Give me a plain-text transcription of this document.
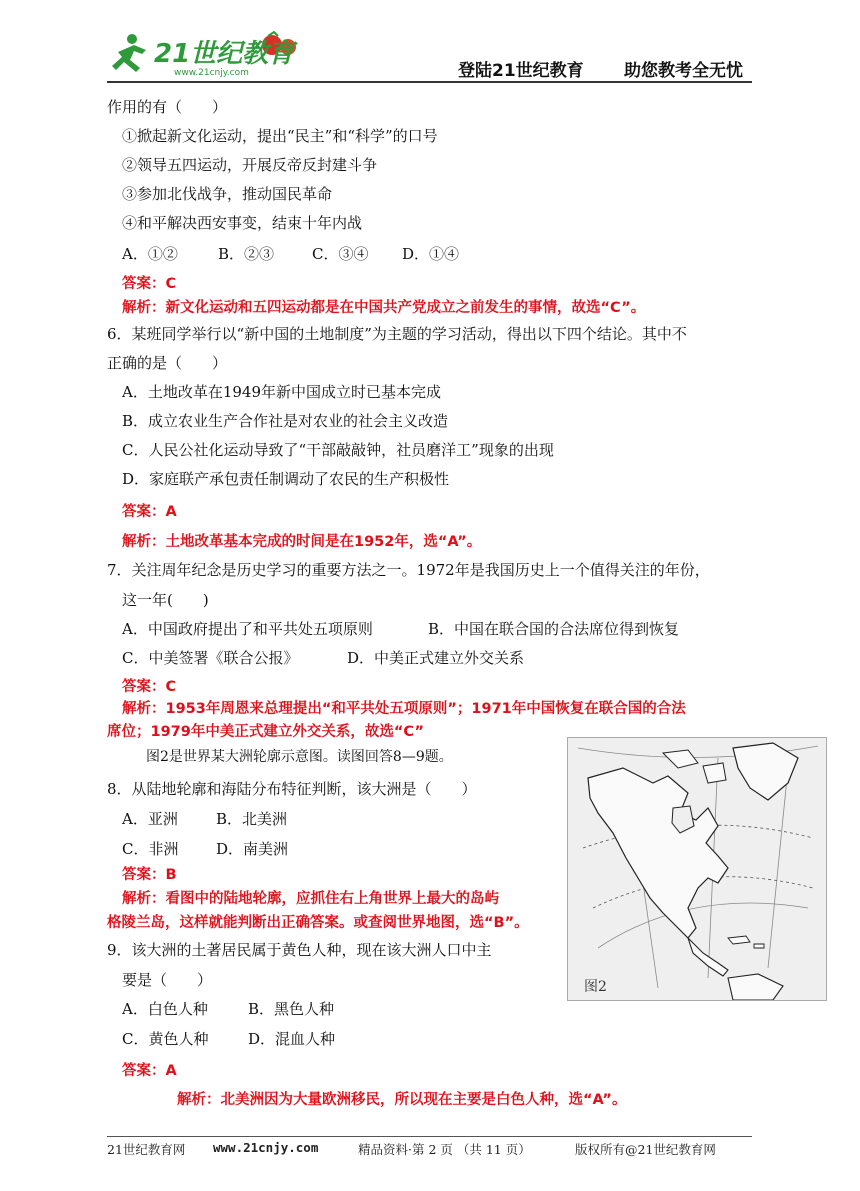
21世纪教育
www.21cnjy.com	登陆21世纪教育 助您教考全无忧
作用的有（　　）
①掀起新文化运动，提出“民主”和“科学”的口号
②领导五四运动，开展反帝反封建斗争
③参加北伐战争，推动国民革命
④和平解决西安事变，结束十年内战
A．①②	B．②③	C．③④ D．①④
答案：C
解析：新文化运动和五四运动都是在中国共产党成立之前发生的事情，故选“C”。
6．某班同学举行以“新中国的土地制度”为主题的学习活动，得出以下四个结论。其中不
正确的是（　　）
A．土地改革在1949年新中国成立时已基本完成
B．成立农业生产合作社是对农业的社会主义改造
C．人民公社化运动导致了“干部敲敲钟，社员磨洋工”现象的出现
D．家庭联产承包责任制调动了农民的生产积极性
答案：A
解析：土地改革基本完成的时间是在1952年，选“A”。
7．关注周年纪念是历史学习的重要方法之一。1972年是我国历史上一个值得关注的年份，
这一年(　　)
A．中国政府提出了和平共处五项原则	B．中国在联合国的合法席位得到恢复
C．中美签署《联合公报》	D．中美正式建立外交关系
答案：C
解析：1953年周恩来总理提出“和平共处五项原则”；1971年中国恢复在联合国的合法
席位；1979年中美正式建立外交关系，故选“C”
图2是世界某大洲轮廓示意图。读图回答8—9题。
8．从陆地轮廓和海陆分布特征判断，该大洲是（　　）
A．亚洲	B．北美洲
C．非洲	D．南美洲
答案：B
解析：看图中的陆地轮廓，应抓住右上角世界上最大的岛屿
格陵兰岛，这样就能判断出正确答案。或查阅世界地图，选“B”。
9．该大洲的土著居民属于黄色人种，现在该大洲人口中主
要是（　　）
A．白色人种	B．黑色人种
C．黄色人种	D．混血人种
答案：A
解析：北美洲因为大量欧洲移民，所以现在主要是白色人种，选“A”。
图2
21世纪教育网 www.21cnjy.com	精品资料·第 2 页 （共 11 页）	版权所有@21世纪教育网
